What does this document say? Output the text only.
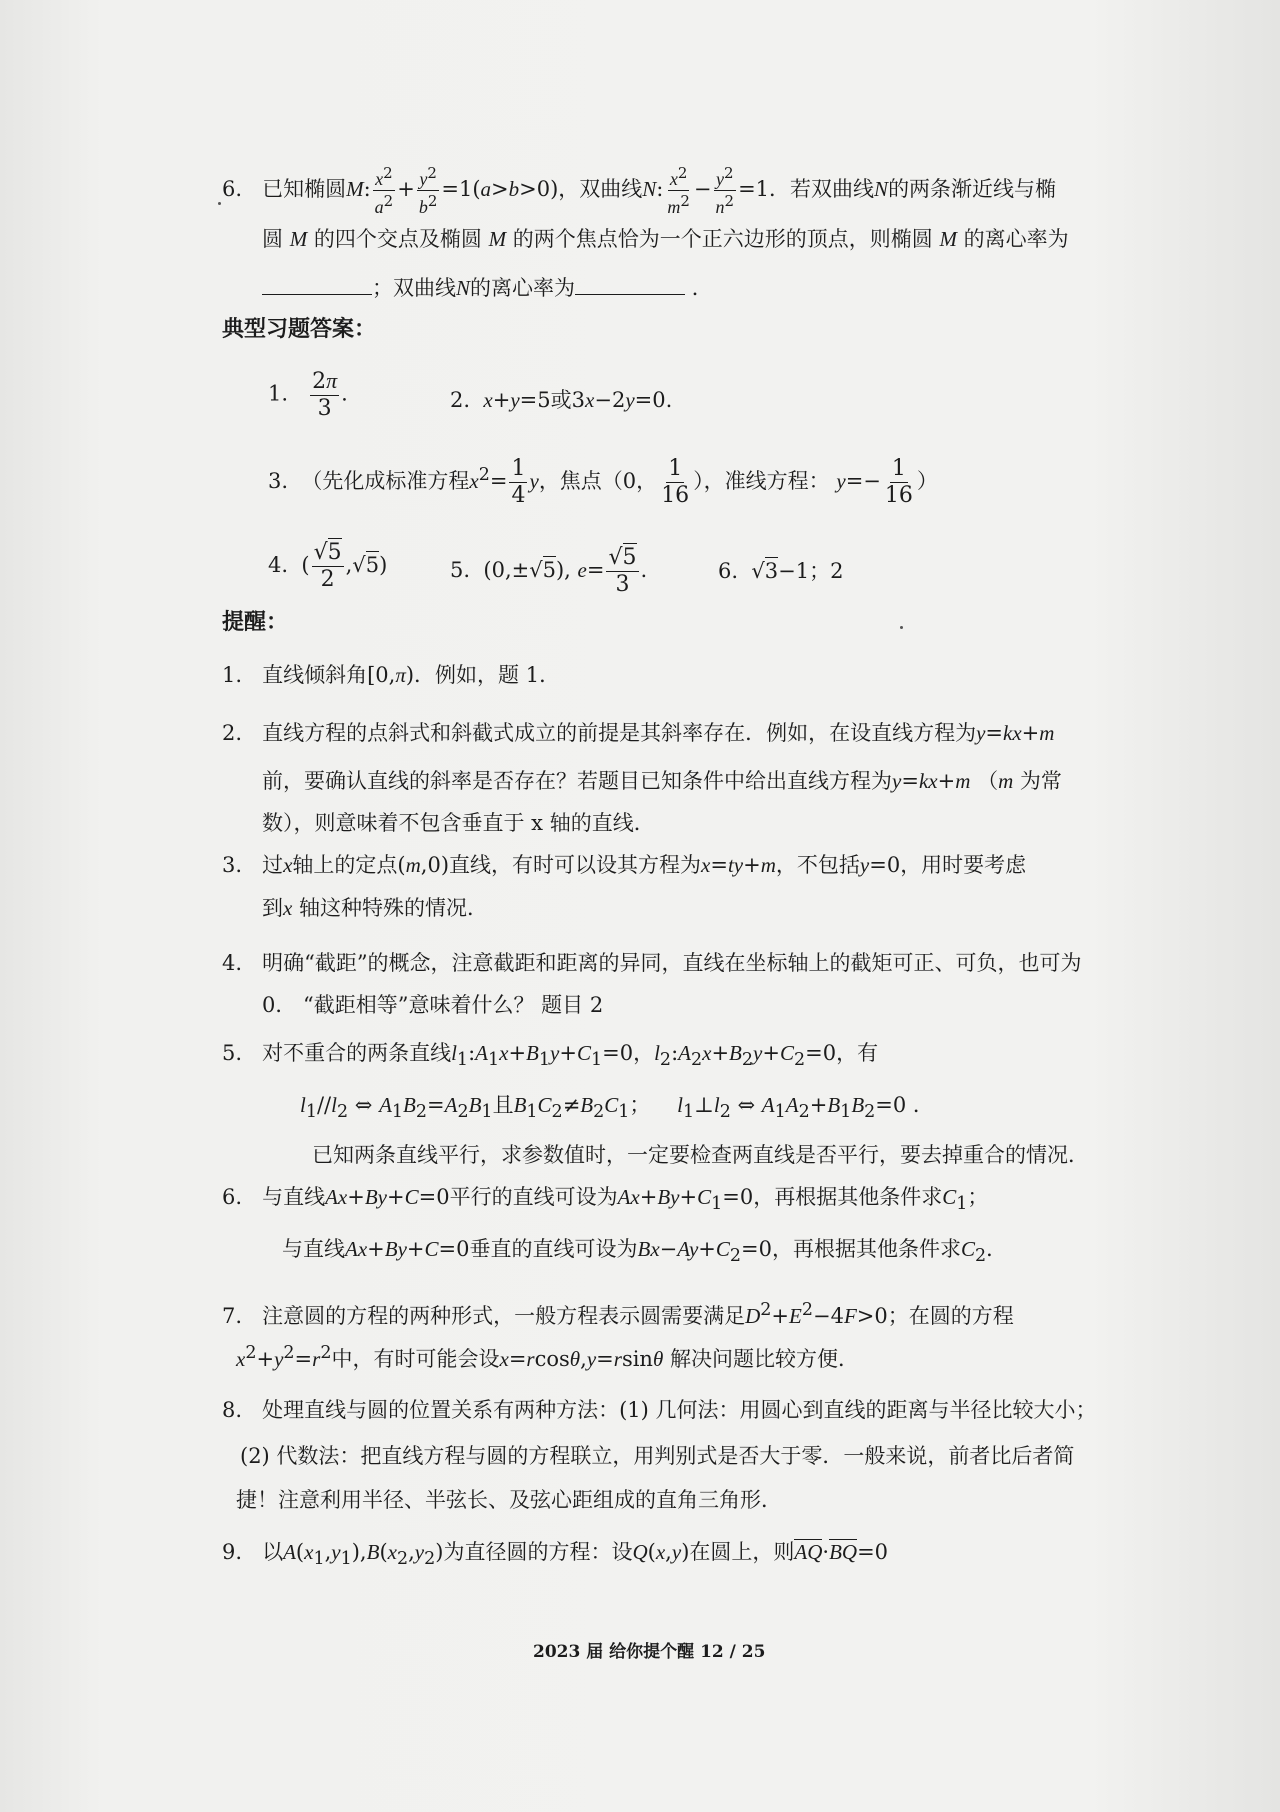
6. 已知椭圆M: $\frac{x^2}{a^2} + \frac{y^2}{b^2} =1(a>b>0)$，双曲线N: $\frac{x^2}{m^2} - \frac{y^2}{n^2} =1$．若双曲线N的两条渐近线与椭
圆 M 的四个交点及椭圆 M 的两个焦点恰为一个正六边形的顶点，则椭圆 M 的离心率为
；双曲线N的离心率为	．
典型习题答案：
1. $\frac{2\pi}{3}$ .	2. x+y=5或3x−2y=0.
3. （先化成标准方程$x^2= \frac{1}{4}$ y，焦点（0， $\frac{1}{16}$ ），准线方程： $y=- \frac{1}{16}$ ）
4.  ( $\frac{√5}{2} ,√5$)	5.  (0,±√5), $e= \frac{√5}{3}$ .	6.  √3−1；2
提醒：
1. 直线倾斜角[0,π)．例如，题 1．
2. 直线方程的点斜式和斜截式成立的前提是其斜率存在．例如，在设直线方程为y=kx+m
前，要确认直线的斜率是否存在？若题目已知条件中给出直线方程为y=kx+m （m 为常
数），则意味着不包含垂直于 x 轴的直线．
3. 过x轴上的定点(m,0)直线，有时可以设其方程为x=ty+m，不包括y=0，用时要考虑
到x 轴这种特殊的情况．
4. 明确“截距”的概念，注意截距和距离的异同，直线在坐标轴上的截矩可正、可负，也可为
0． “截距相等”意味着什么？ 题目 2
5. 对不重合的两条直线$l_1:A_1x+B_1y+C_1=0$，$l_2:A_2x+B_2y+C_2=0$，有
$l_1//l_2$ ⇔ $A_1B_2=A_2B_1$且$B_1C_2\ne B_2C_1$；    $l_1\perp l_2$ ⇔ $A_1A_2+B_1B_2=0$ ．
已知两条直线平行，求参数值时，一定要检查两直线是否平行，要去掉重合的情况．
6. 与直线Ax+By+C=0平行的直线可设为$Ax+By+C_1=0$，再根据其他条件求$C_1$；
与直线Ax+By+C=0垂直的直线可设为$Bx-Ay+C_2=0$，再根据其他条件求$C_2$．
7. 注意圆的方程的两种形式，一般方程表示圆需要满足$D^2+E^2-4F>0$；在圆的方程
$x^2+y^2=r^2$中，有时可能会设x=rcosθ,y=rsinθ 解决问题比较方便．
8. 处理直线与圆的位置关系有两种方法：(1) 几何法：用圆心到直线的距离与半径比较大小；
(2) 代数法：把直线方程与圆的方程联立，用判别式是否大于零．一般来说，前者比后者简
捷！注意利用半径、半弦长、及弦心距组成的直角三角形．
9. 以$A(x_1,y_1),B(x_2,y_2)$为直径圆的方程：设Q(x,y)在圆上，则AQ·BQ=0
2023 届 给你提个醒 12 / 25
